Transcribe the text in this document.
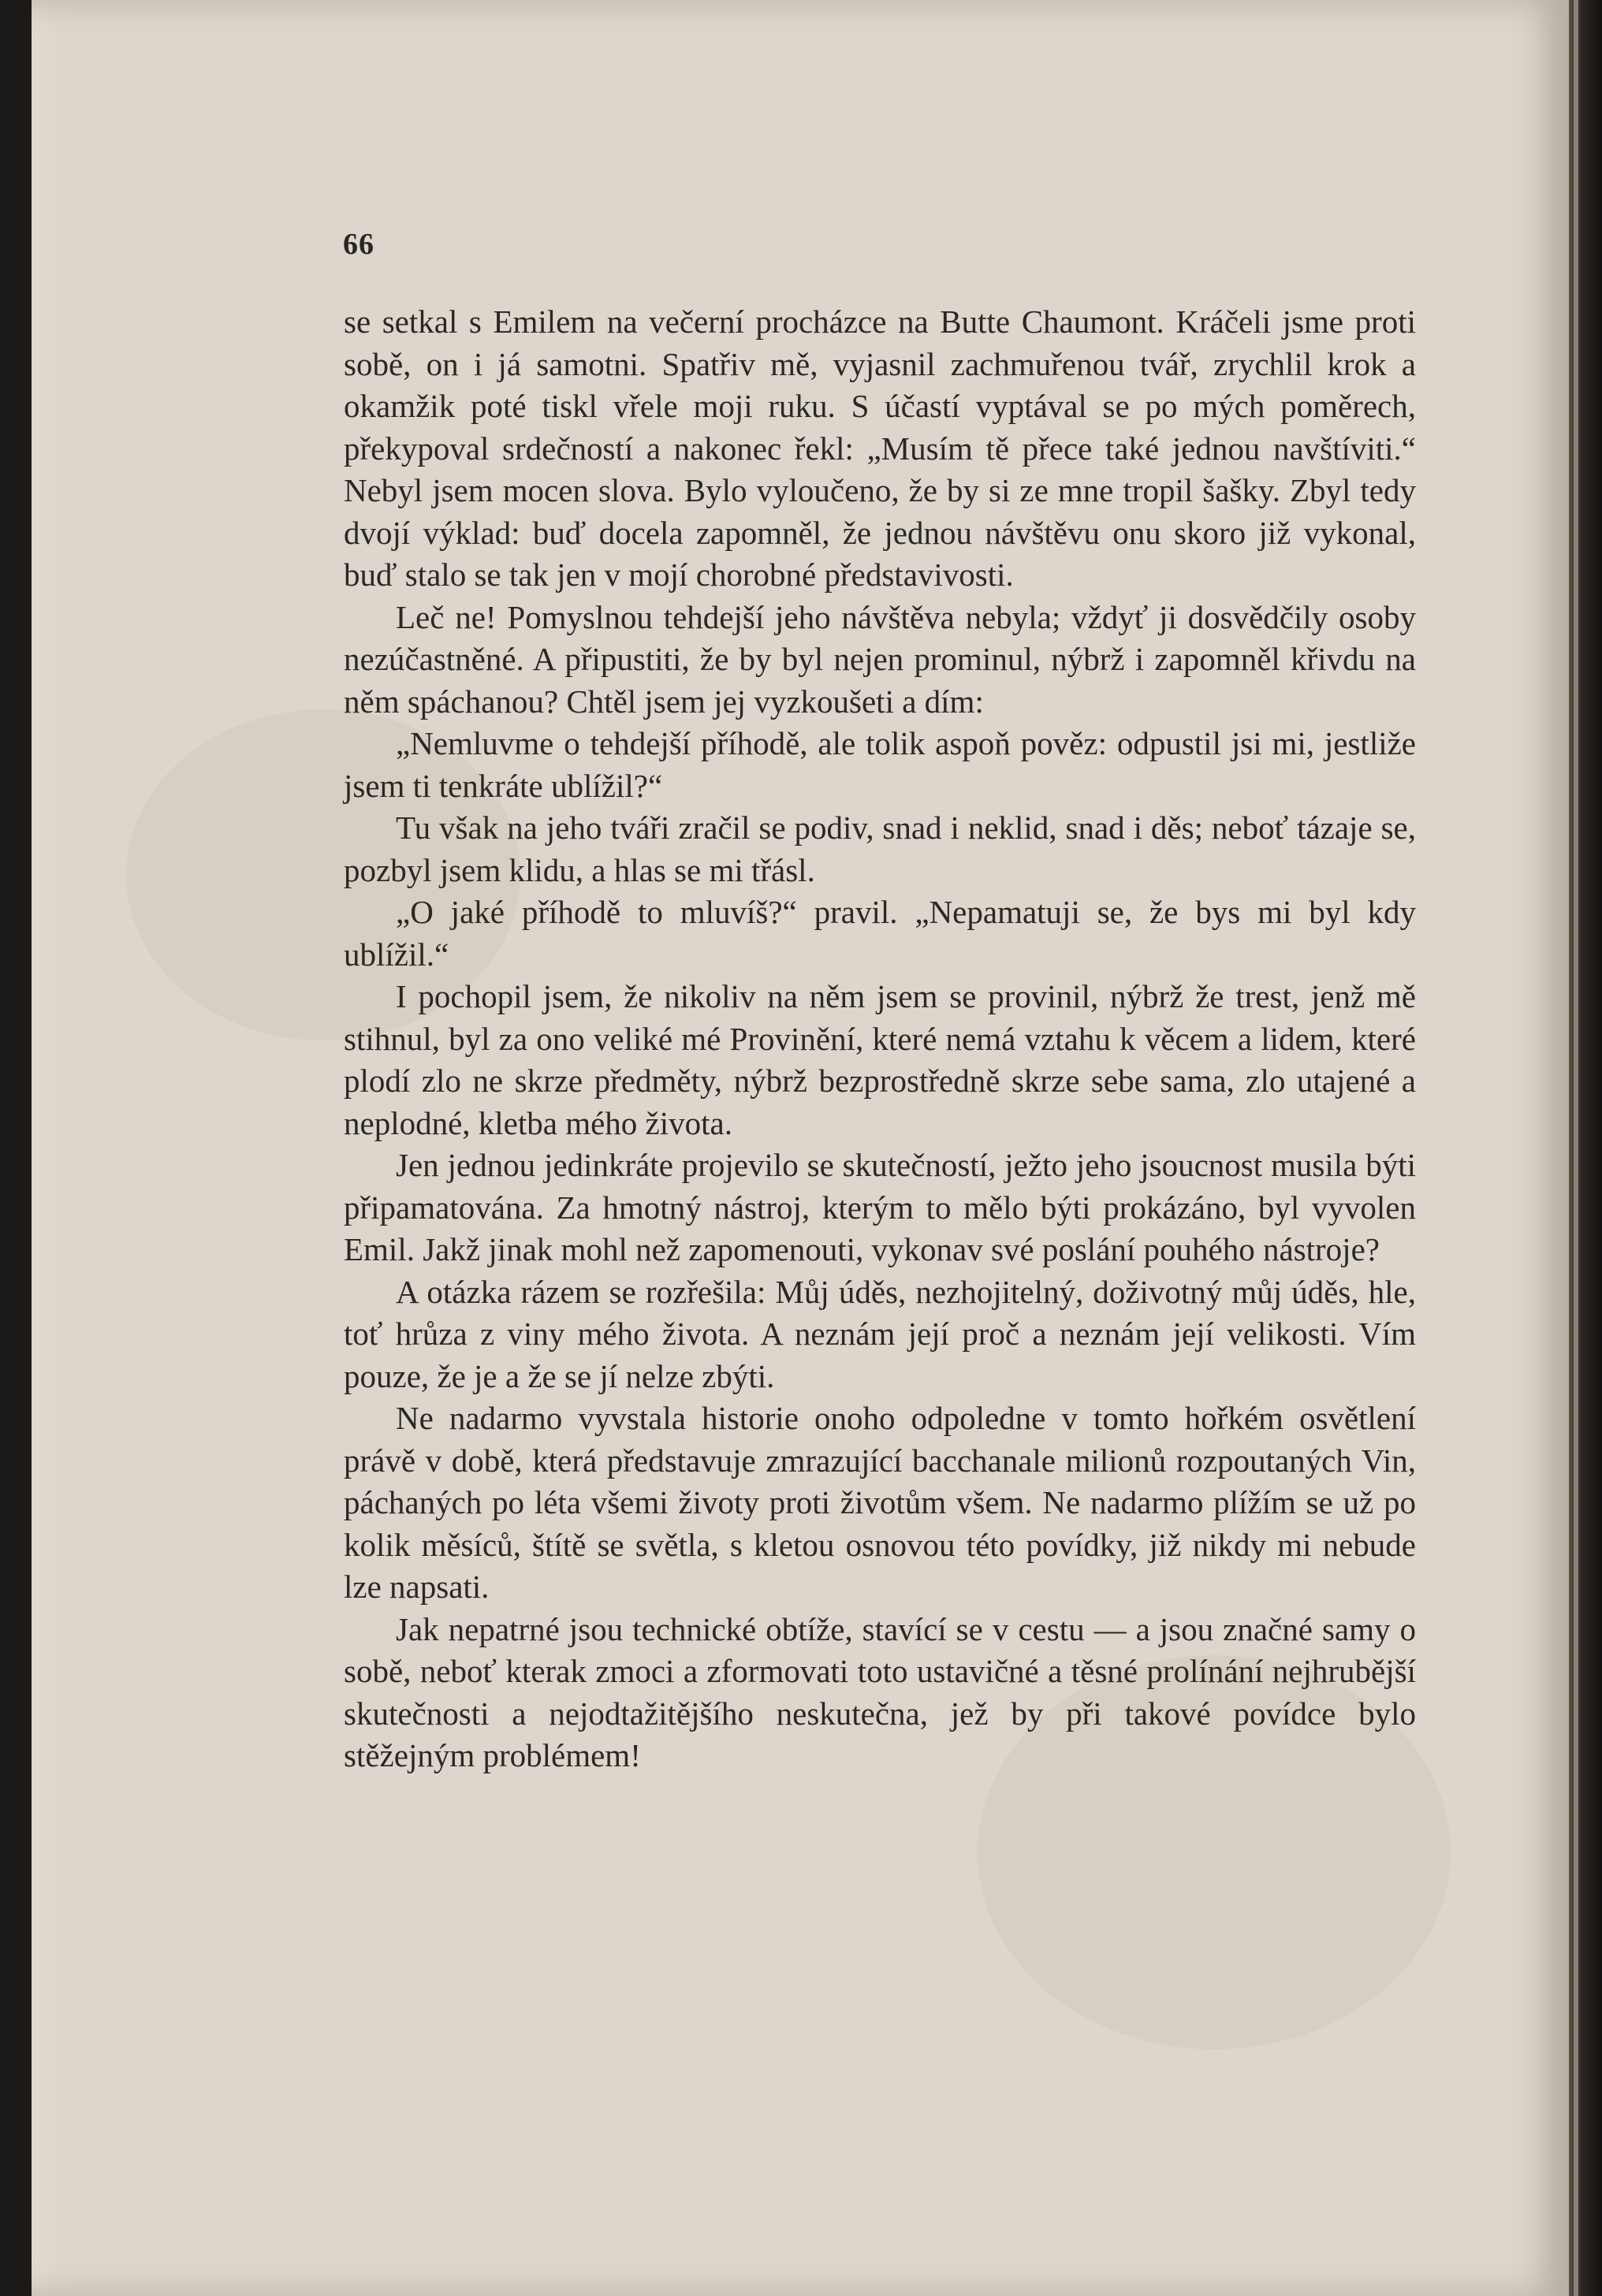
66

se setkal s Emilem na večerní procházce na Butte Chaumont. Kráčeli jsme proti sobě, on i já samotni. Spatřiv mě, vyjasnil zachmuřenou tvář, zrychlil krok a okamžik poté tiskl vřele moji ruku. S účastí vyptával se po mých poměrech, překypoval srdečností a nakonec řekl: „Musím tě přece také jednou navštíviti.“ Nebyl jsem mocen slova. Bylo vyloučeno, že by si ze mne tropil šašky. Zbyl tedy dvojí výklad: buď docela zapomněl, že jednou návštěvu onu skoro již vykonal, buď stalo se tak jen v mojí chorobné představivosti.

Leč ne! Pomyslnou tehdejší jeho návštěva nebyla; vždyť ji dosvědčily osoby nezúčastněné. A připustiti, že by byl nejen prominul, nýbrž i zapomněl křivdu na něm spáchanou? Chtěl jsem jej vyzkoušeti a dím:

„Nemluvme o tehdejší příhodě, ale tolik aspoň pověz: odpustil jsi mi, jestliže jsem ti tenkráte ublížil?“

Tu však na jeho tváři zračil se podiv, snad i neklid, snad i děs; neboť tázaje se, pozbyl jsem klidu, a hlas se mi třásl.

„O jaké příhodě to mluvíš?“ pravil. „Nepamatuji se, že bys mi byl kdy ublížil.“

I pochopil jsem, že nikoliv na něm jsem se provinil, nýbrž že trest, jenž mě stihnul, byl za ono veliké mé Provinění, které nemá vztahu k věcem a lidem, které plodí zlo ne skrze předměty, nýbrž bezprostředně skrze sebe sama, zlo utajené a neplodné, kletba mého života.

Jen jednou jedinkráte projevilo se skutečností, ježto jeho jsoucnost musila býti připamatována. Za hmotný nástroj, kterým to mělo býti prokázáno, byl vyvolen Emil. Jakž jinak mohl než zapomenouti, vykonav své poslání pouhého nástroje?

A otázka rázem se rozřešila: Můj úděs, nezhojitelný, doživotný můj úděs, hle, toť hrůza z viny mého života. A neznám její proč a neznám její velikosti. Vím pouze, že je a že se jí nelze zbýti.

Ne nadarmo vyvstala historie onoho odpoledne v tomto hořkém osvětlení právě v době, která představuje zmrazující bacchanale milionů rozpoutaných Vin, páchaných po léta všemi životy proti životům všem. Ne nadarmo plížím se už po kolik měsíců, štítě se světla, s kletou osnovou této povídky, již nikdy mi nebude lze napsati.

Jak nepatrné jsou technické obtíže, stavící se v cestu — a jsou značné samy o sobě, neboť kterak zmoci a zformovati toto ustavičné a těsné prolínání nejhrubější skutečnosti a nejodtažitějšího neskutečna, jež by při takové povídce bylo stěžejným problémem!
